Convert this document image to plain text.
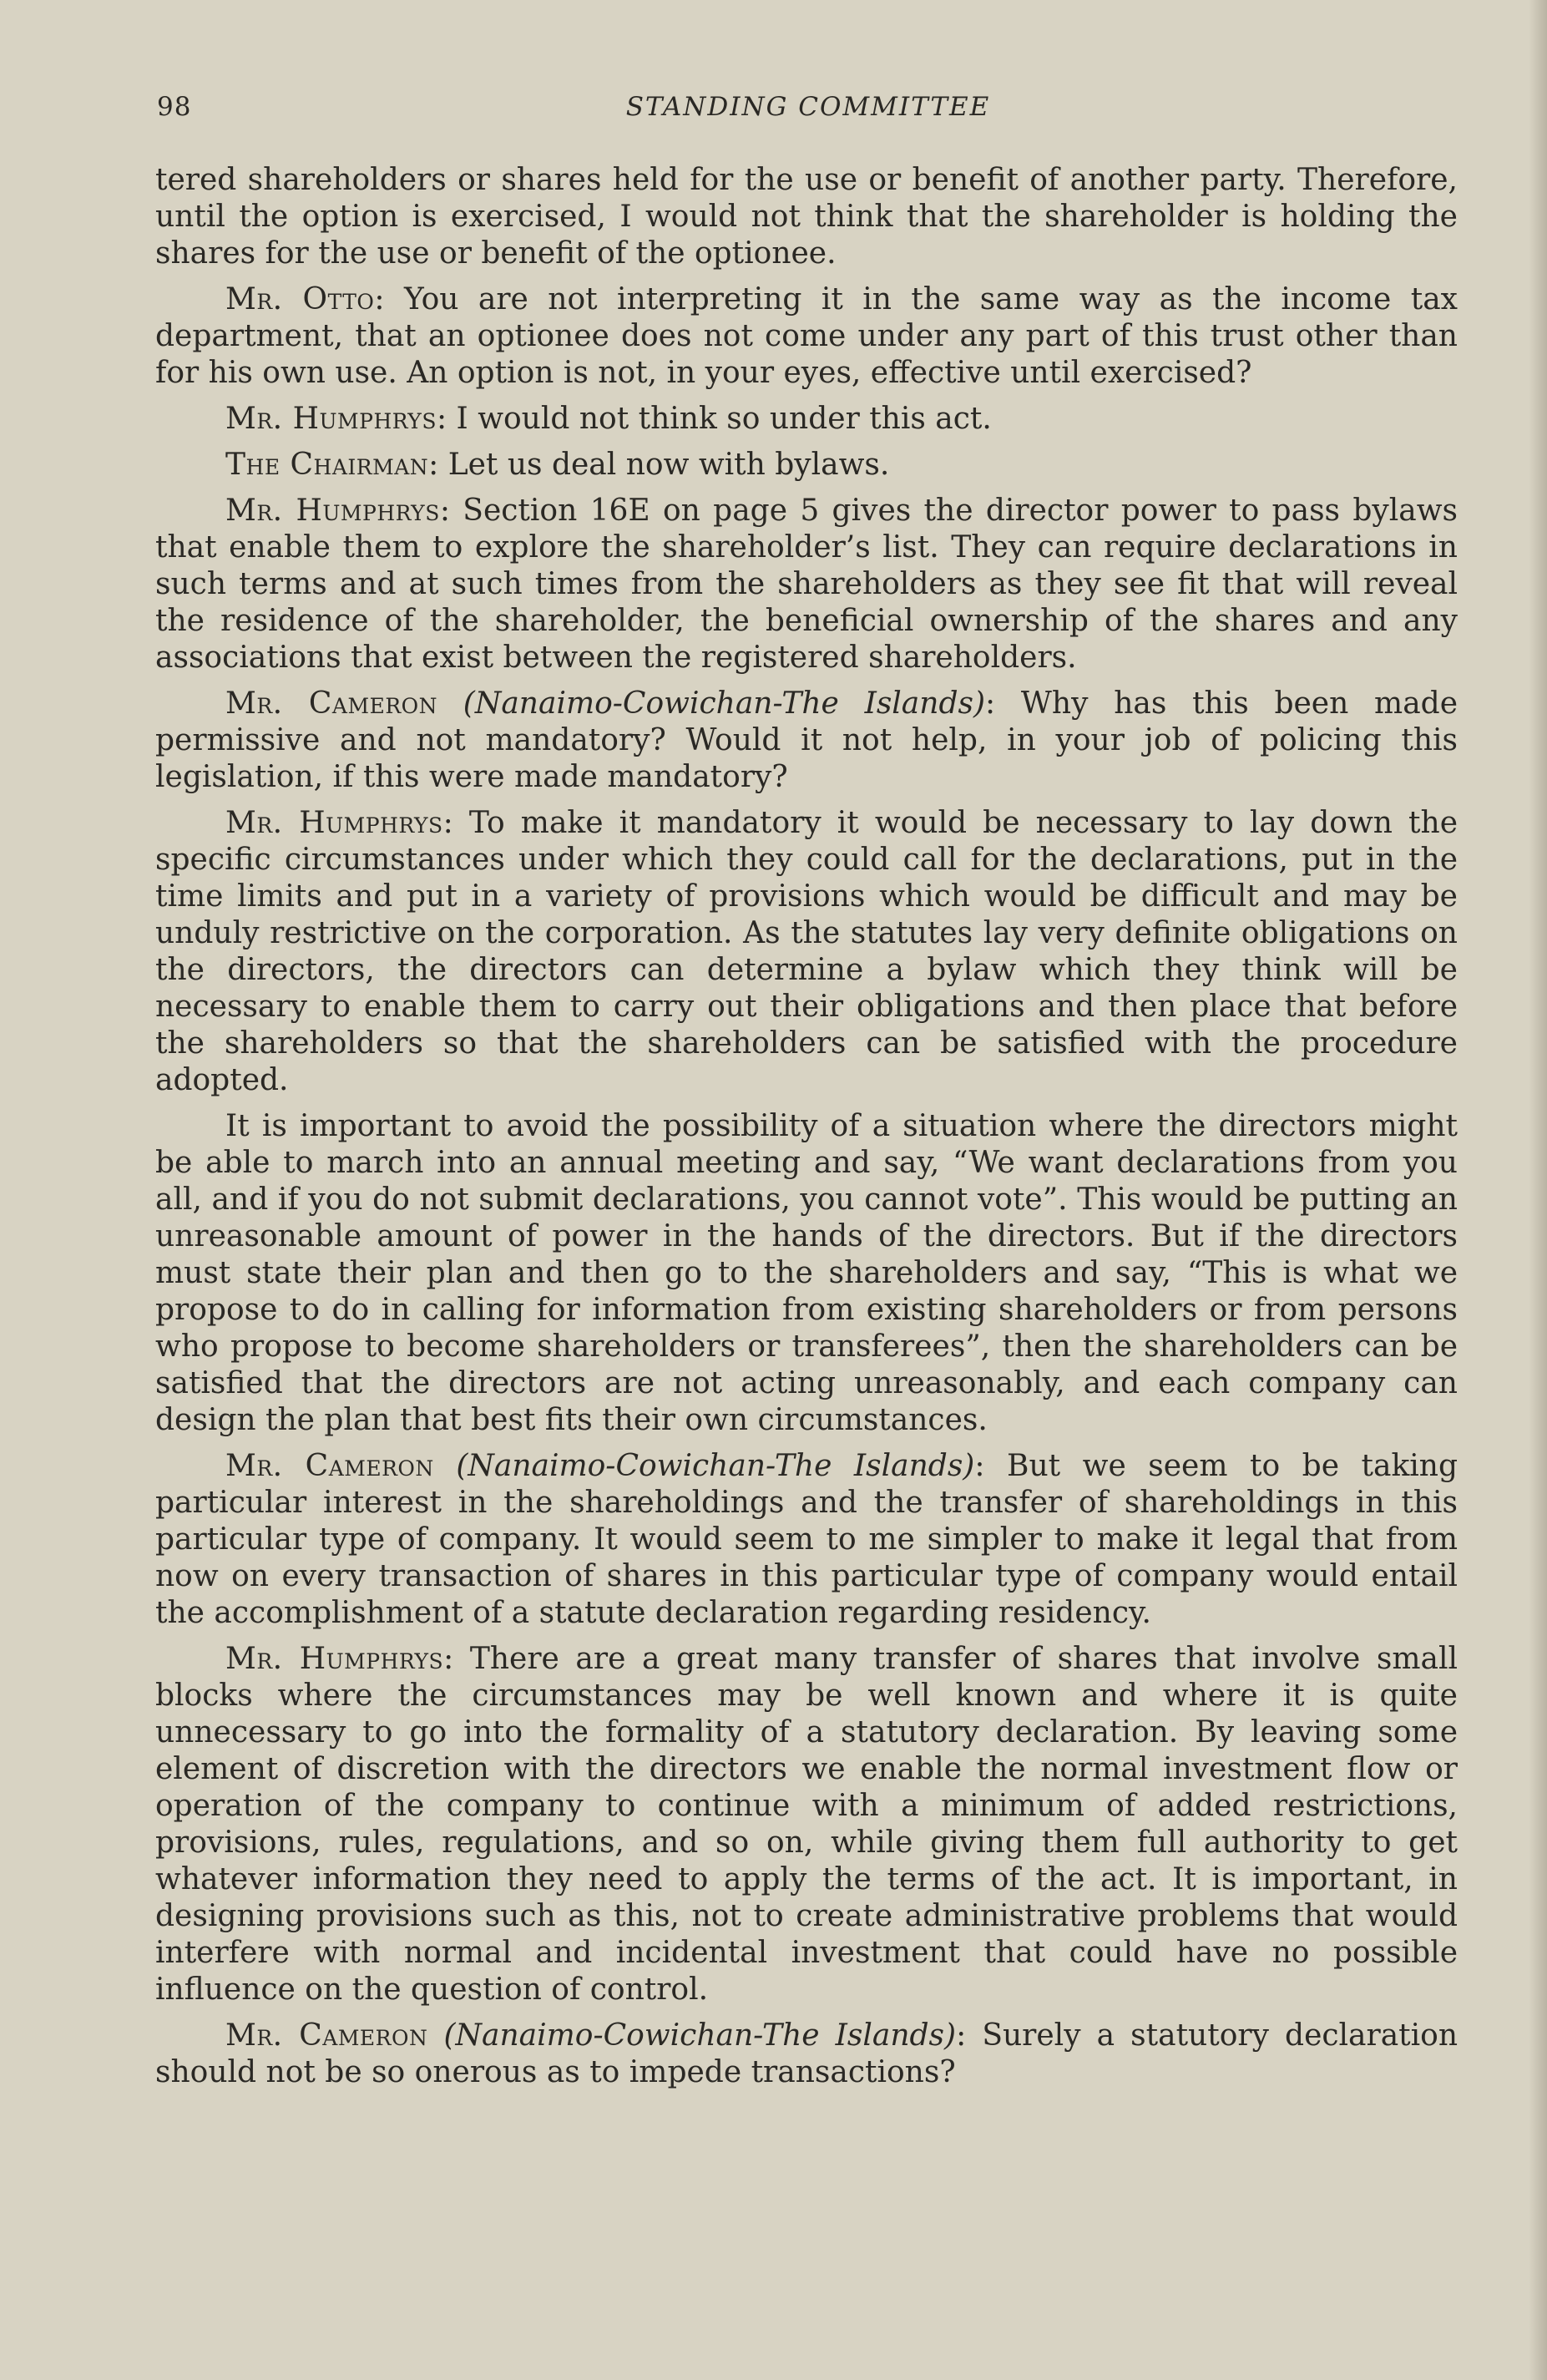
98	STANDING COMMITTEE

tered shareholders or shares held for the use or benefit of another party. Therefore, until the option is exercised, I would not think that the shareholder is holding the shares for the use or benefit of the optionee.

Mr. Otto: You are not interpreting it in the same way as the income tax department, that an optionee does not come under any part of this trust other than for his own use. An option is not, in your eyes, effective until exercised?

Mr. Humphrys: I would not think so under this act.

The Chairman: Let us deal now with bylaws.

Mr. Humphrys: Section 16E on page 5 gives the director power to pass bylaws that enable them to explore the shareholder’s list. They can require declarations in such terms and at such times from the shareholders as they see fit that will reveal the residence of the shareholder, the beneficial ownership of the shares and any associations that exist between the registered shareholders.

Mr. Cameron (Nanaimo-Cowichan-The Islands): Why has this been made permissive and not mandatory? Would it not help, in your job of policing this legislation, if this were made mandatory?

Mr. Humphrys: To make it mandatory it would be necessary to lay down the specific circumstances under which they could call for the declarations, put in the time limits and put in a variety of provisions which would be difficult and may be unduly restrictive on the corporation. As the statutes lay very definite obligations on the directors, the directors can determine a bylaw which they think will be necessary to enable them to carry out their obligations and then place that before the shareholders so that the shareholders can be satisfied with the procedure adopted.

It is important to avoid the possibility of a situation where the directors might be able to march into an annual meeting and say, “We want declarations from you all, and if you do not submit declarations, you cannot vote”. This would be putting an unreasonable amount of power in the hands of the directors. But if the directors must state their plan and then go to the shareholders and say, “This is what we propose to do in calling for information from existing shareholders or from persons who propose to become shareholders or transferees”, then the shareholders can be satisfied that the directors are not acting unreasonably, and each company can design the plan that best fits their own circumstances.

Mr. Cameron (Nanaimo-Cowichan-The Islands): But we seem to be taking particular interest in the shareholdings and the transfer of shareholdings in this particular type of company. It would seem to me simpler to make it legal that from now on every transaction of shares in this particular type of company would entail the accomplishment of a statute declaration regarding residency.

Mr. Humphrys: There are a great many transfer of shares that involve small blocks where the circumstances may be well known and where it is quite unnecessary to go into the formality of a statutory declaration. By leaving some element of discretion with the directors we enable the normal investment flow or operation of the company to continue with a minimum of added restrictions, provisions, rules, regulations, and so on, while giving them full authority to get whatever information they need to apply the terms of the act. It is important, in designing provisions such as this, not to create administrative problems that would interfere with normal and incidental investment that could have no possible influence on the question of control.

Mr. Cameron (Nanaimo-Cowichan-The Islands): Surely a statutory declaration should not be so onerous as to impede transactions?
